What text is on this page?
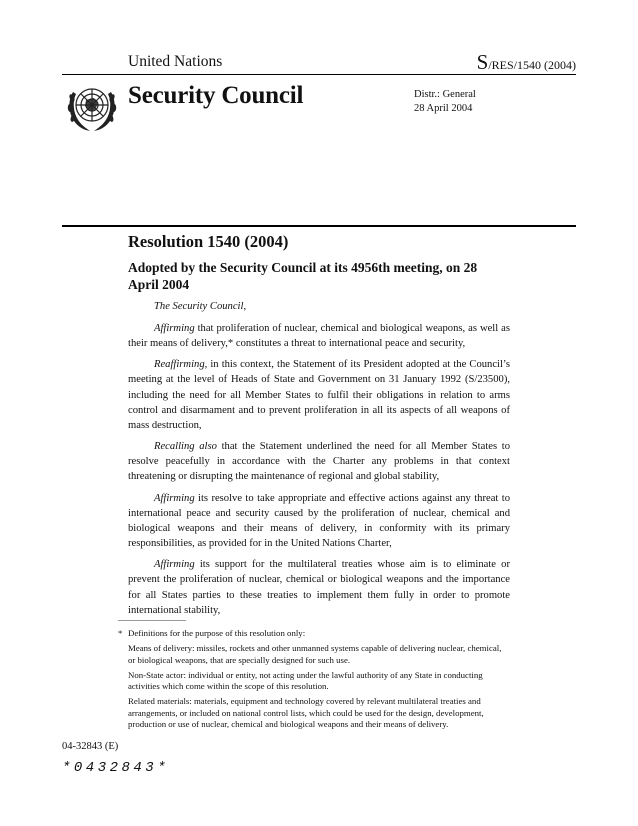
United Nations	S/RES/1540 (2004)
Security Council	Distr.: General
28 April 2004
Resolution 1540 (2004)
Adopted by the Security Council at its 4956th meeting, on 28 April 2004

The Security Council,

Affirming that proliferation of nuclear, chemical and biological weapons, as well as their means of delivery,* constitutes a threat to international peace and security,

Reaffirming, in this context, the Statement of its President adopted at the Council’s meeting at the level of Heads of State and Government on 31 January 1992 (S/23500), including the need for all Member States to fulfil their obligations in relation to arms control and disarmament and to prevent proliferation in all its aspects of all weapons of mass destruction,

Recalling also that the Statement underlined the need for all Member States to resolve peacefully in accordance with the Charter any problems in that context threatening or disrupting the maintenance of regional and global stability,

Affirming its resolve to take appropriate and effective actions against any threat to international peace and security caused by the proliferation of nuclear, chemical and biological weapons and their means of delivery, in conformity with its primary responsibilities, as provided for in the United Nations Charter,

Affirming its support for the multilateral treaties whose aim is to eliminate or prevent the proliferation of nuclear, chemical or biological weapons and the importance for all States parties to these treaties to implement them fully in order to promote international stability,

* Definitions for the purpose of this resolution only:
Means of delivery: missiles, rockets and other unmanned systems capable of delivering nuclear, chemical, or biological weapons, that are specially designed for such use.
Non-State actor: individual or entity, not acting under the lawful authority of any State in conducting activities which come within the scope of this resolution.
Related materials: materials, equipment and technology covered by relevant multilateral treaties and arrangements, or included on national control lists, which could be used for the design, development, production or use of nuclear, chemical and biological weapons and their means of delivery.
04-32843 (E)
*0432843*
